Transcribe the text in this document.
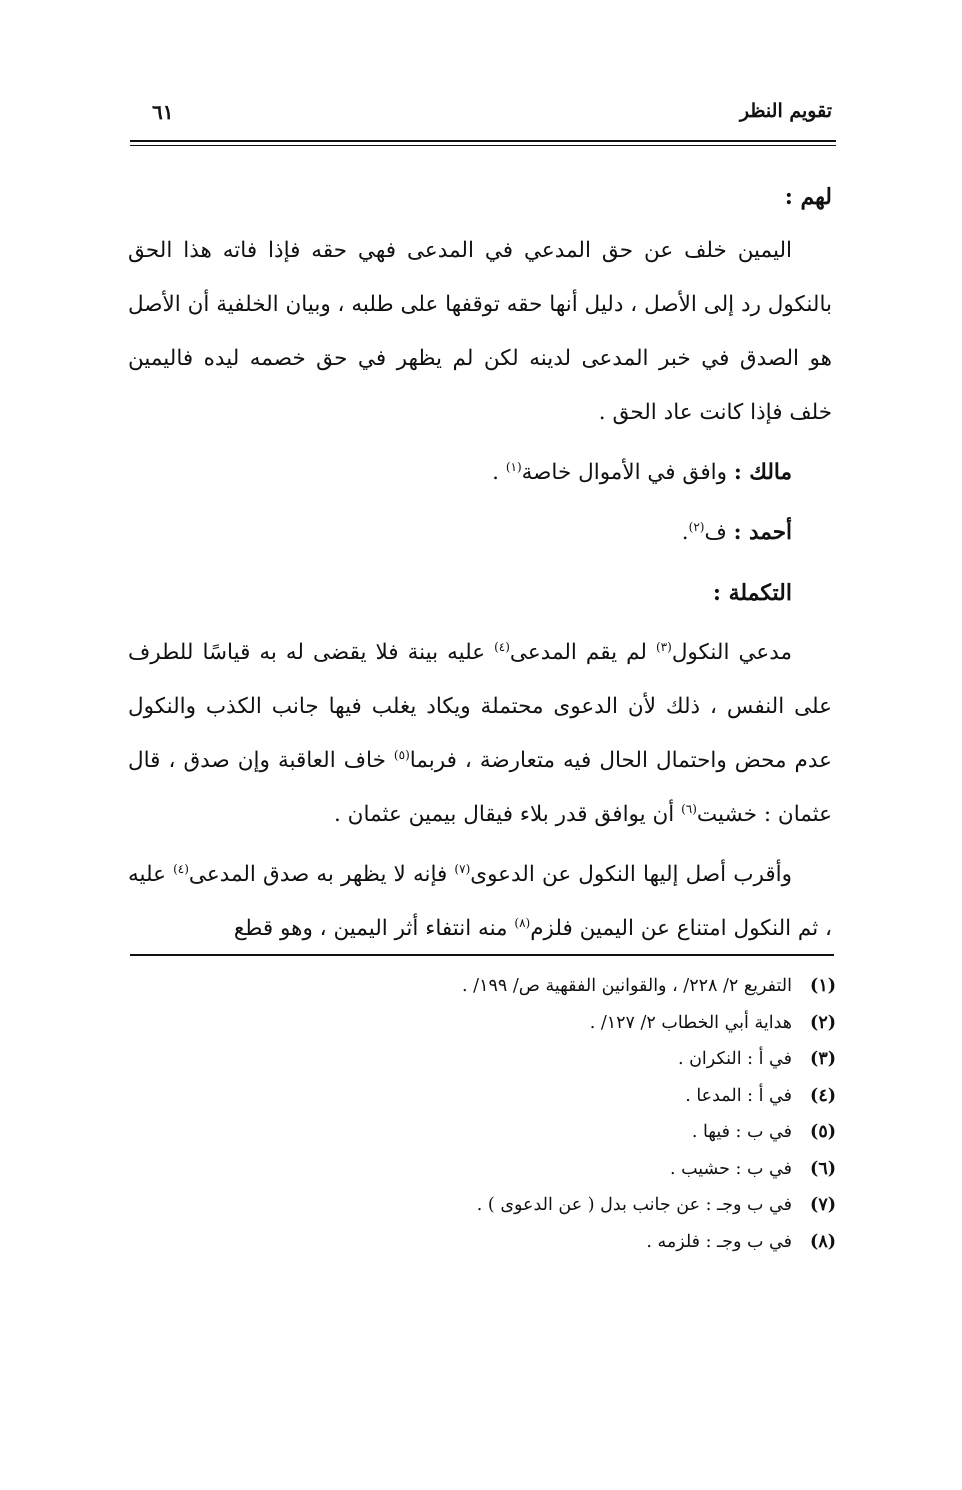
تقويم النظر
٦١

لهم :

اليمين خلف عن حق المدعي في المدعى فهي حقه فإذا فاته هذا الحق بالنكول رد إلى الأصل ، دليل أنها حقه توقفها على طلبه ، وبيان الخلفية أن الأصل هو الصدق في خبر المدعى لدينه لكن لم يظهر في حق خصمه ليده فاليمين خلف فإذا كانت عاد الحق .

مالك : وافق في الأموال خاصة$^{(١)}$ .

أحمد : ف$^{(٢)}$.

التكملة :

مدعي النكول$^{(٣)}$ لم يقم المدعى$^{(٤)}$ عليه بينة فلا يقضى له به قياسًا للطرف على النفس ، ذلك لأن الدعوى محتملة ويكاد يغلب فيها جانب الكذب والنكول عدم محض واحتمال الحال فيه متعارضة ، فربما$^{(٥)}$ خاف العاقبة وإن صدق ، قال عثمان : خشيت$^{(٦)}$ أن يوافق قدر بلاء فيقال بيمين عثمان .

وأقرب أصل إليها النكول عن الدعوى$^{(٧)}$ فإنه لا يظهر به صدق المدعى$^{(٤)}$ عليه ، ثم النكول امتناع عن اليمين فلزم$^{(٨)}$ منه انتفاء أثر اليمين ، وهو قطع

(١)
التفريع ٢/ ٢٢٨/ ، والقوانين الفقهية ص/ ١٩٩/ .
(٢)
هداية أبي الخطاب ٢/ ١٢٧/ .
(٣)
في أ : النكران .
(٤)
في أ : المدعا .
(٥)
في ب : فيها .
(٦)
في ب : حشيب .
(٧)
في ب وجـ : عن جانب بدل ( عن الدعوى ) .
(٨)
في ب وجـ : فلزمه .
